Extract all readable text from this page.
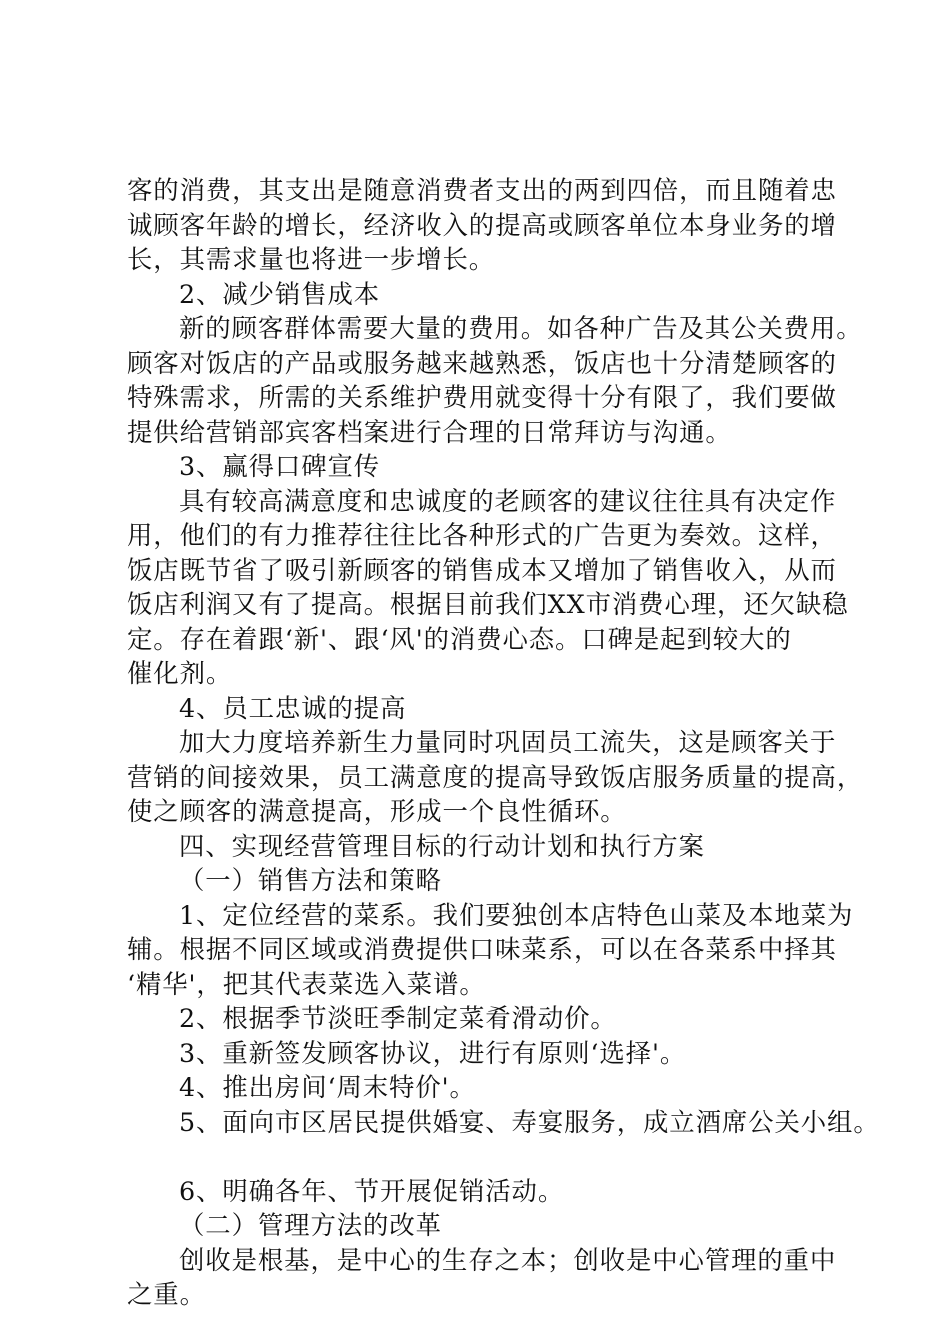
客的消费，其支出是随意消费者支出的两到四倍，而且随着忠
诚顾客年龄的增长，经济收入的提高或顾客单位本身业务的增
长，其需求量也将进一步增长。
2、减少销售成本
新的顾客群体需要大量的费用。如各种广告及其公关费用。
顾客对饭店的产品或服务越来越熟悉，饭店也十分清楚顾客的
特殊需求，所需的关系维护费用就变得十分有限了，我们要做
提供给营销部宾客档案进行合理的日常拜访与沟通。
3、赢得口碑宣传
具有较高满意度和忠诚度的老顾客的建议往往具有决定作
用，他们的有力推荐往往比各种形式的广告更为奏效。这样，
饭店既节省了吸引新顾客的销售成本又增加了销售收入，从而
饭店利润又有了提高。根据目前我们XX市消费心理，还欠缺稳
定。存在着跟‘新'、跟‘风'的消费心态。口碑是起到较大的
催化剂。
4、员工忠诚的提高
加大力度培养新生力量同时巩固员工流失，这是顾客关于
营销的间接效果，员工满意度的提高导致饭店服务质量的提高，
使之顾客的满意提高，形成一个良性循环。
四、实现经营管理目标的行动计划和执行方案
（一）销售方法和策略
1、定位经营的菜系。我们要独创本店特色山菜及本地菜为
辅。根据不同区域或消费提供口味菜系，可以在各菜系中择其
‘精华'，把其代表菜选入菜谱。
2、根据季节淡旺季制定菜肴滑动价。
3、重新签发顾客协议，进行有原则‘选择'。
4、推出房间‘周末特价'。
5、面向市区居民提供婚宴、寿宴服务，成立酒席公关小组。
6、明确各年、节开展促销活动。
（二）管理方法的改革
创收是根基，是中心的生存之本；创收是中心管理的重中
之重。
